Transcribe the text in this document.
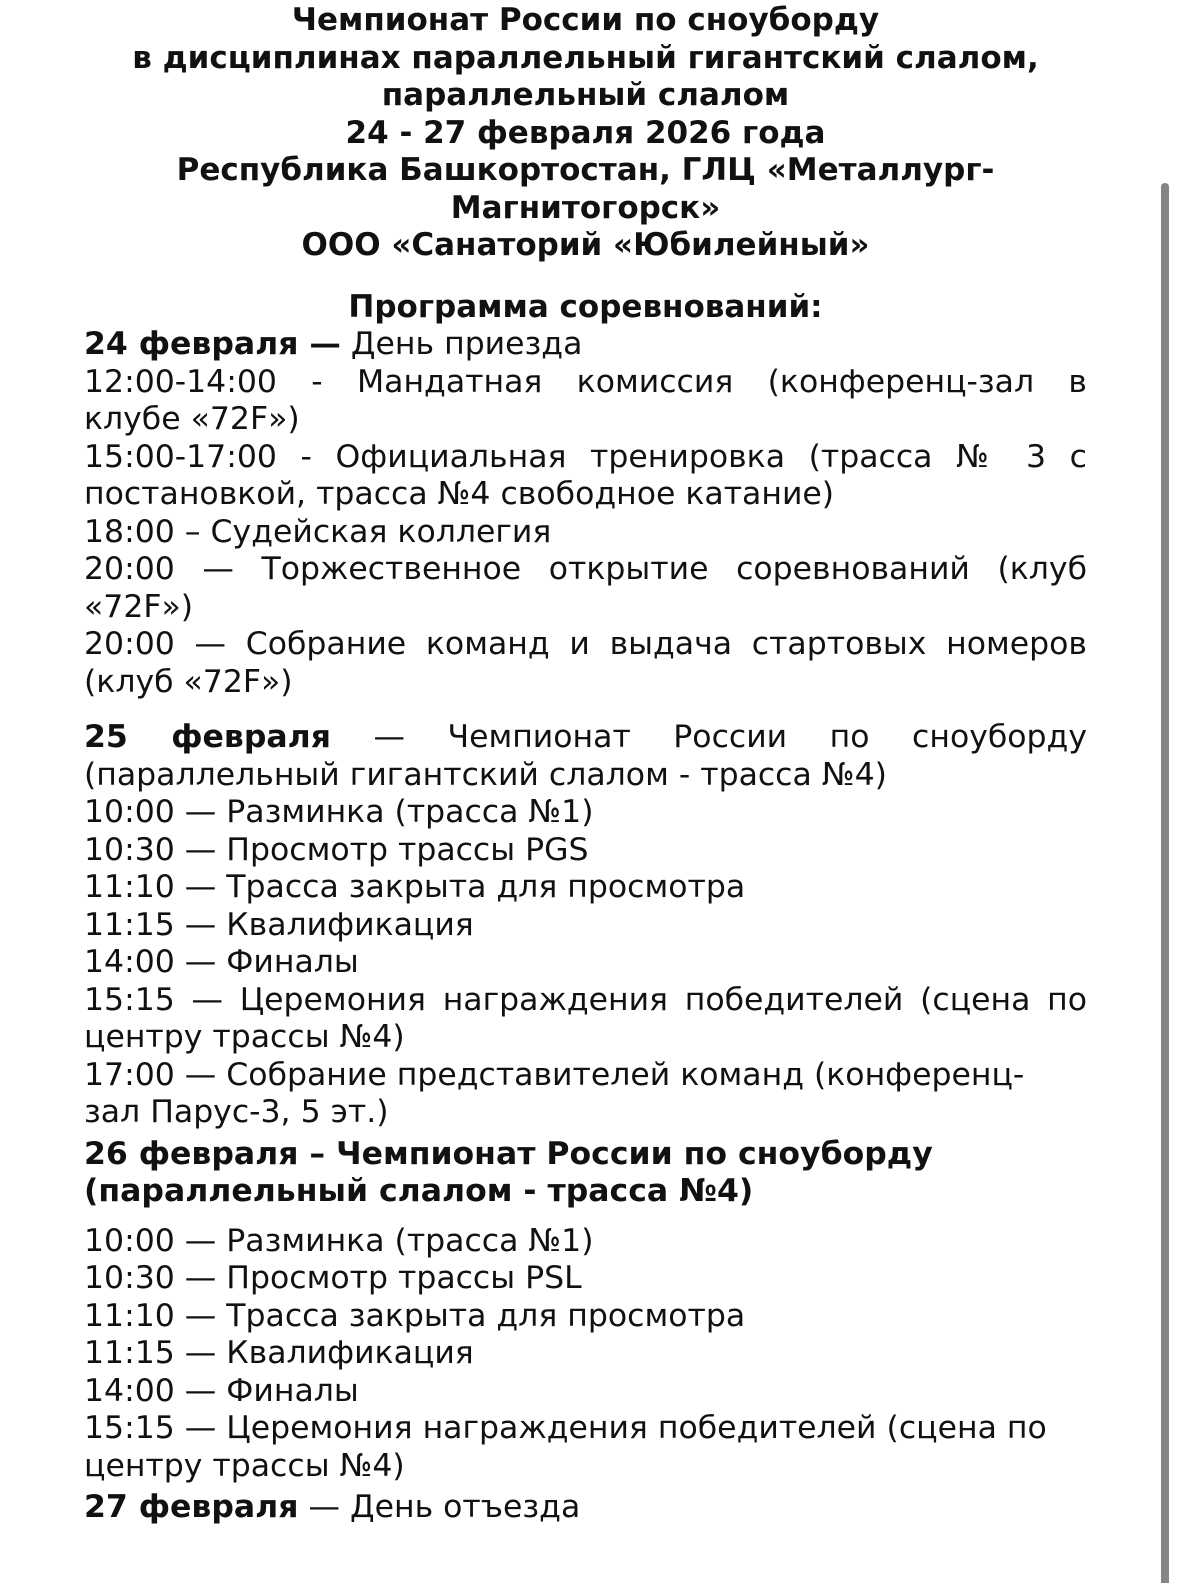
Чемпионат России по сноуборду
в дисциплинах параллельный гигантский слалом,
параллельный слалом
24 - 27 февраля 2026 года
Республика Башкортостан, ГЛЦ «Металлург-
Магнитогорск»
ООО «Санаторий «Юбилейный»
Программа соревнований:
24 февраля — День приезда
12:00-14:00 - Мандатная комиссия (конференц-зал в
клубе «72F»)
15:00-17:00 - Официальная тренировка (трасса № 3 с
постановкой, трасса №4 свободное катание)
18:00 – Судейская коллегия
20:00 — Торжественное открытие соревнований (клуб
«72F»)
20:00 — Собрание команд и выдача стартовых номеров
(клуб «72F»)
25 февраля — Чемпионат России по сноуборду
(параллельный гигантский слалом - трасса №4)
10:00 — Разминка (трасса №1)
10:30 — Просмотр трассы PGS
11:10 — Трасса закрыта для просмотра
11:15 — Квалификация
14:00 — Финалы
15:15 — Церемония награждения победителей (сцена по
центру трассы №4)
17:00 — Собрание представителей команд (конференц-
зал Парус-3, 5 эт.)
26 февраля – Чемпионат России по сноуборду
(параллельный слалом - трасса №4)
10:00 — Разминка (трасса №1)
10:30 — Просмотр трассы PSL
11:10 — Трасса закрыта для просмотра
11:15 — Квалификация
14:00 — Финалы
15:15 — Церемония награждения победителей (сцена по
центру трассы №4)
27 февраля — День отъезда
